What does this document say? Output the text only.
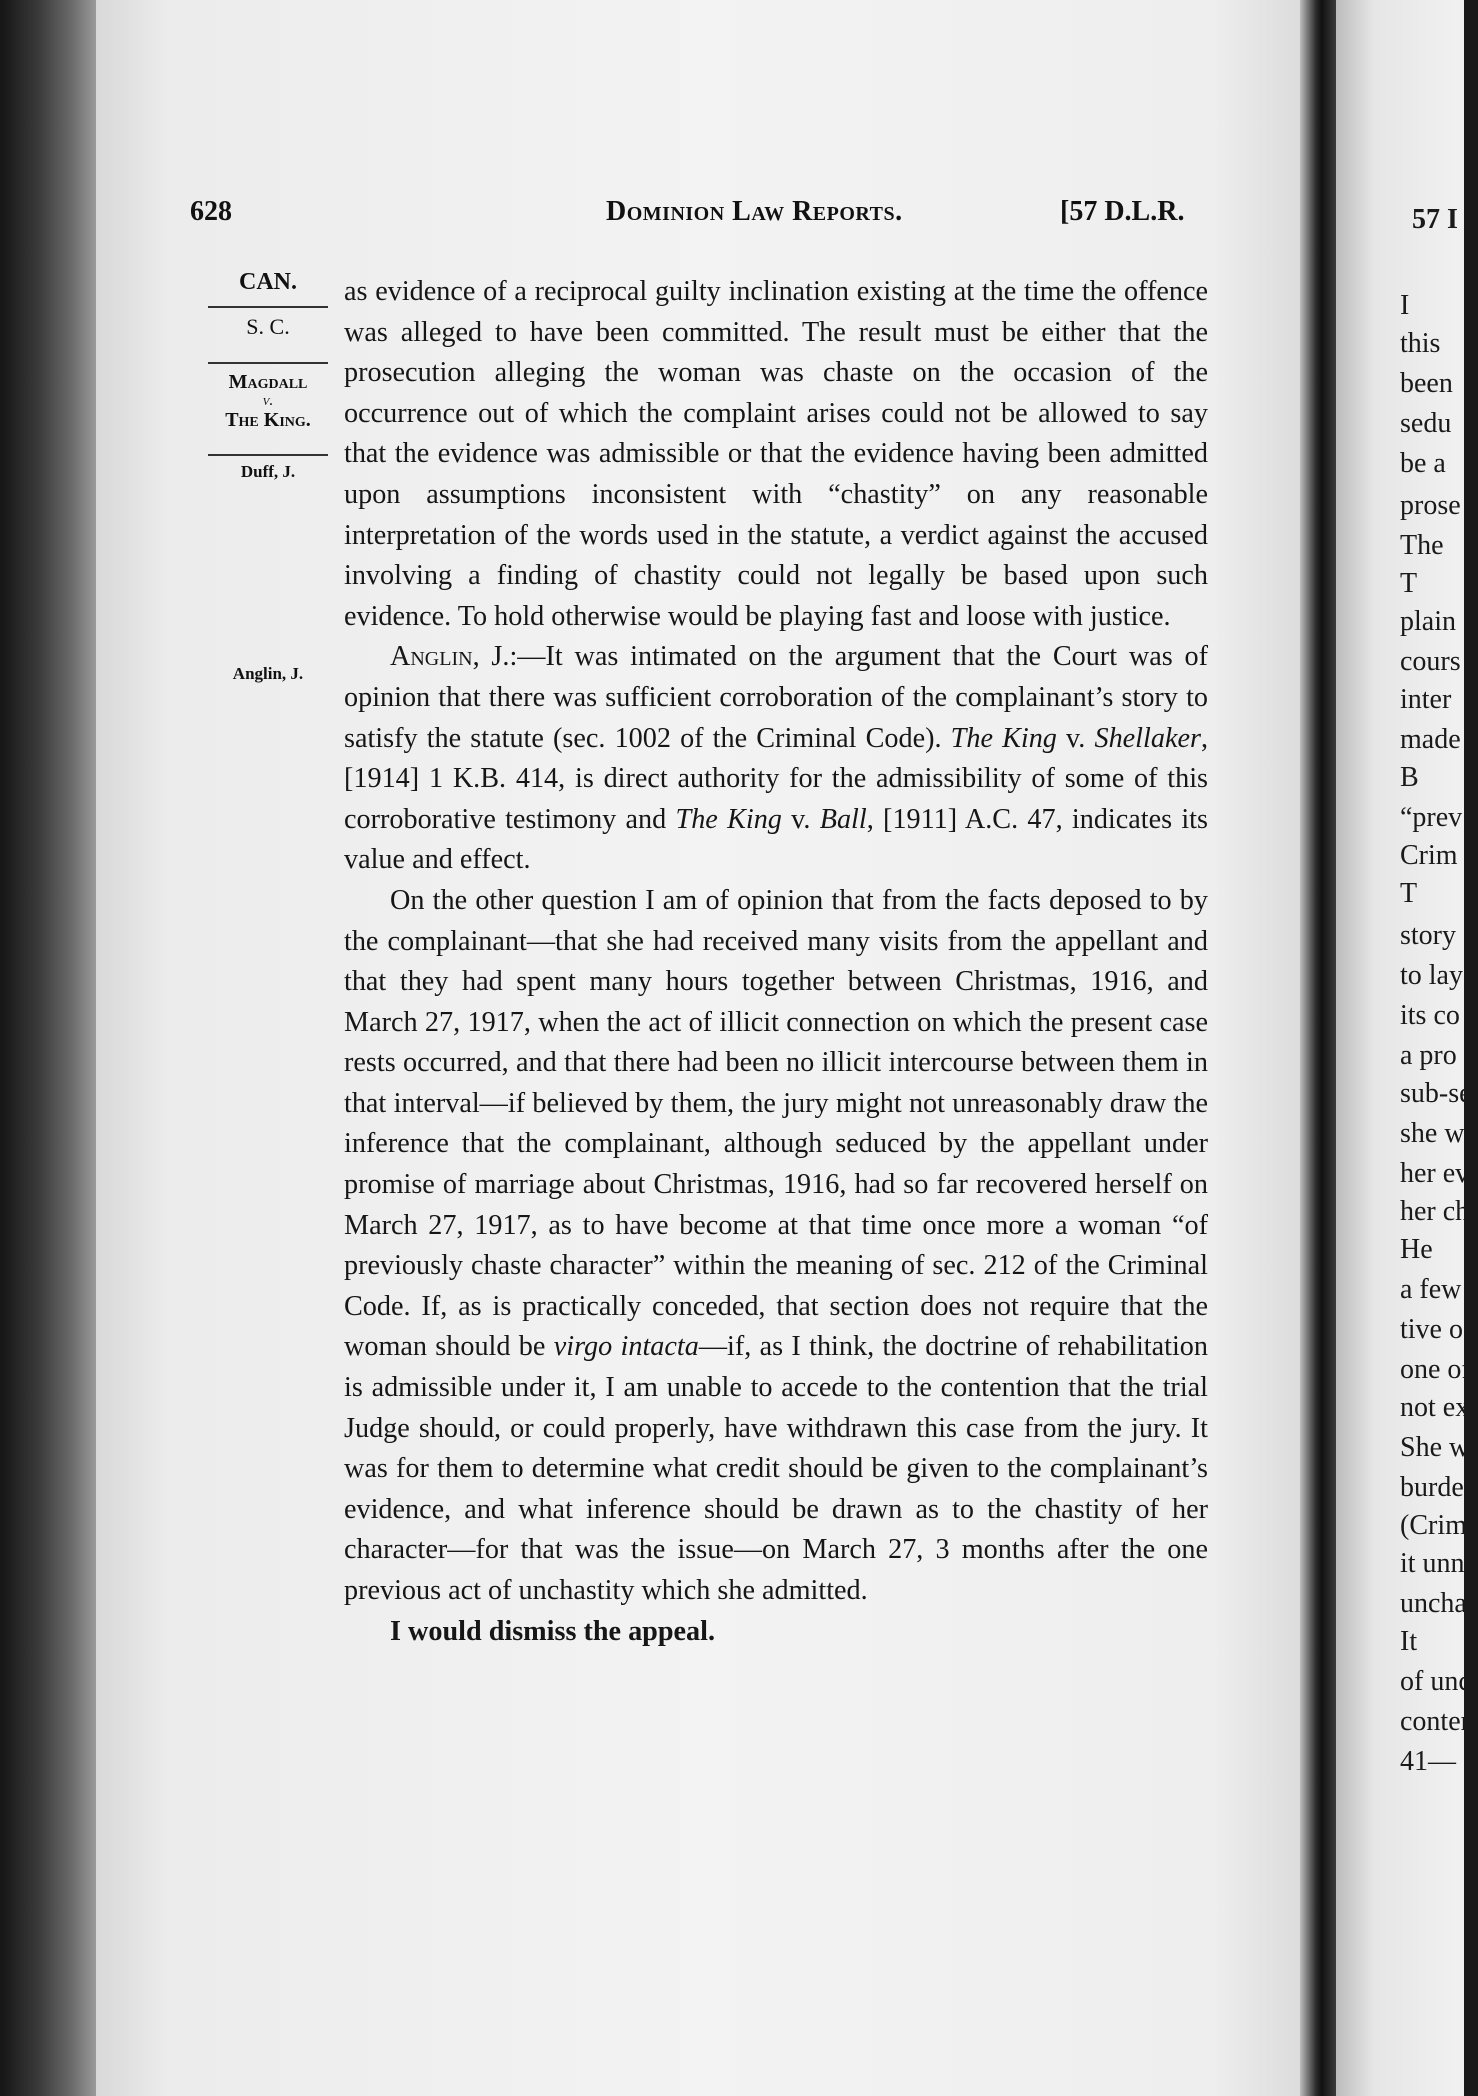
628	Dominion Law Reports.	[57 D.L.R.
CAN.
S. C.
Magdall
v.
The King.
Duff, J.
Anglin, J.

as evidence of a reciprocal guilty inclination existing at the time the offence was alleged to have been committed. The result must be either that the prosecution alleging the woman was chaste on the occasion of the occurrence out of which the complaint arises could not be allowed to say that the evidence was admissible or that the evidence having been admitted upon assumptions inconsistent with “chastity” on any reasonable interpretation of the words used in the statute, a verdict against the accused involving a finding of chastity could not legally be based upon such evidence. To hold otherwise would be playing fast and loose with justice.

Anglin, J.:—It was intimated on the argument that the Court was of opinion that there was sufficient corroboration of the complainant’s story to satisfy the statute (sec. 1002 of the Criminal Code). The King v. Shellaker, [1914] 1 K.B. 414, is direct authority for the admissibility of some of this corroborative testimony and The King v. Ball, [1911] A.C. 47, indicates its value and effect.

On the other question I am of opinion that from the facts deposed to by the complainant—that she had received many visits from the appellant and that they had spent many hours together between Christmas, 1916, and March 27, 1917, when the act of illicit connection on which the present case rests occurred, and that there had been no illicit intercourse between them in that interval—if believed by them, the jury might not unreasonably draw the inference that the complainant, although seduced by the appellant under promise of marriage about Christmas, 1916, had so far recovered herself on March 27, 1917, as to have become at that time once more a woman “of previously chaste character” within the meaning of sec. 212 of the Criminal Code. If, as is practically conceded, that section does not require that the woman should be virgo intacta—if, as I think, the doctrine of rehabilitation is admissible under it, I am unable to accede to the contention that the trial Judge should, or could properly, have withdrawn this case from the jury. It was for them to determine what credit should be given to the complainant’s evidence, and what inference should be drawn as to the chastity of her character—for that was the issue—on March 27, 3 months after the one previous act of unchastity which she admitted.

I would dismiss the appeal.

57 I
I
this
been
sedu
be a
prose
The
T
plain
cours
inter
made
B
“prev
Crim
T
story
to lay
its co
a pro
sub-se
she w
her ev
her ch
He
a few
tive o
one of
not ex
She w
burden
(Crim.
it unne
unchas
It
of unc
conten
41—
